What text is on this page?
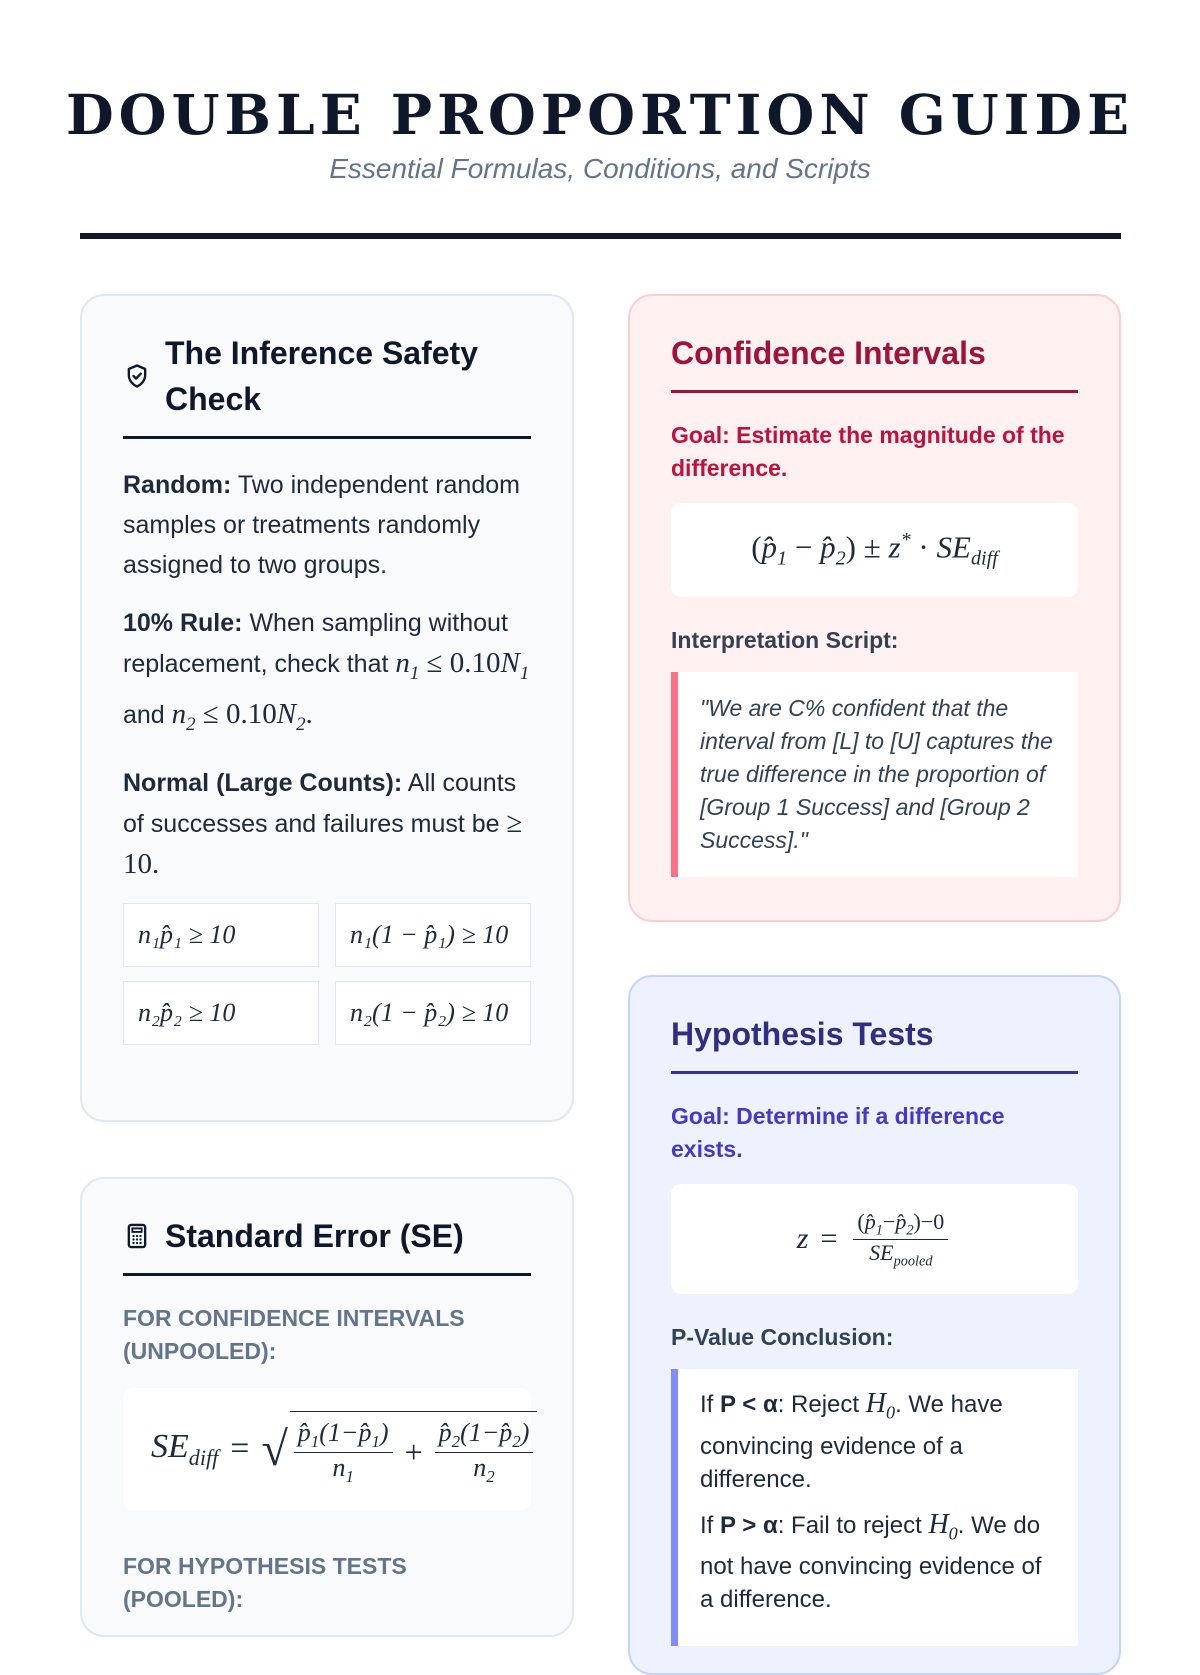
DOUBLE PROPORTION GUIDE
Essential Formulas, Conditions, and Scripts
The Inference Safety Check

Random: Two independent random samples or treatments randomly assigned to two groups.

10% Rule: When sampling without replacement, check that $n_1 \le 0.10N_1$ and $n_2 \le 0.10N_2$.

Normal (Large Counts): All counts of successes and failures must be ≥ 10.

n₁p̂₁ ≥ 10	n₁(1 − p̂₁) ≥ 10
n₂p̂₂ ≥ 10	n₂(1 − p̂₂) ≥ 10
Standard Error (SE)
FOR CONFIDENCE INTERVALS (UNPOOLED):
$SE_{diff}$ = √ $\frac{p̂_1(1-p̂_1)}{n_1} + \frac{p̂_2(1-p̂_2)}{n_2}$
FOR HYPOTHESIS TESTS (POOLED):
Confidence Intervals
Goal: Estimate the magnitude of the difference.
($p̂_1$ − $p̂_2) \pm z^* \cdot SE_{diff}$
Interpretation Script:
"We are C% confident that the interval from [L] to [U] captures the true difference in the proportion of [Group 1 Success] and [Group 2 Success]."
Hypothesis Tests
Goal: Determine if a difference exists.
$z = \frac{(p̂_1-p̂_2)-0}{SE_{pooled}}$
P-Value Conclusion:

If P < α: Reject $H_0$. We have convincing evidence of a difference.

If P > α: Fail to reject $H_0$. We do not have convincing evidence of a difference.
